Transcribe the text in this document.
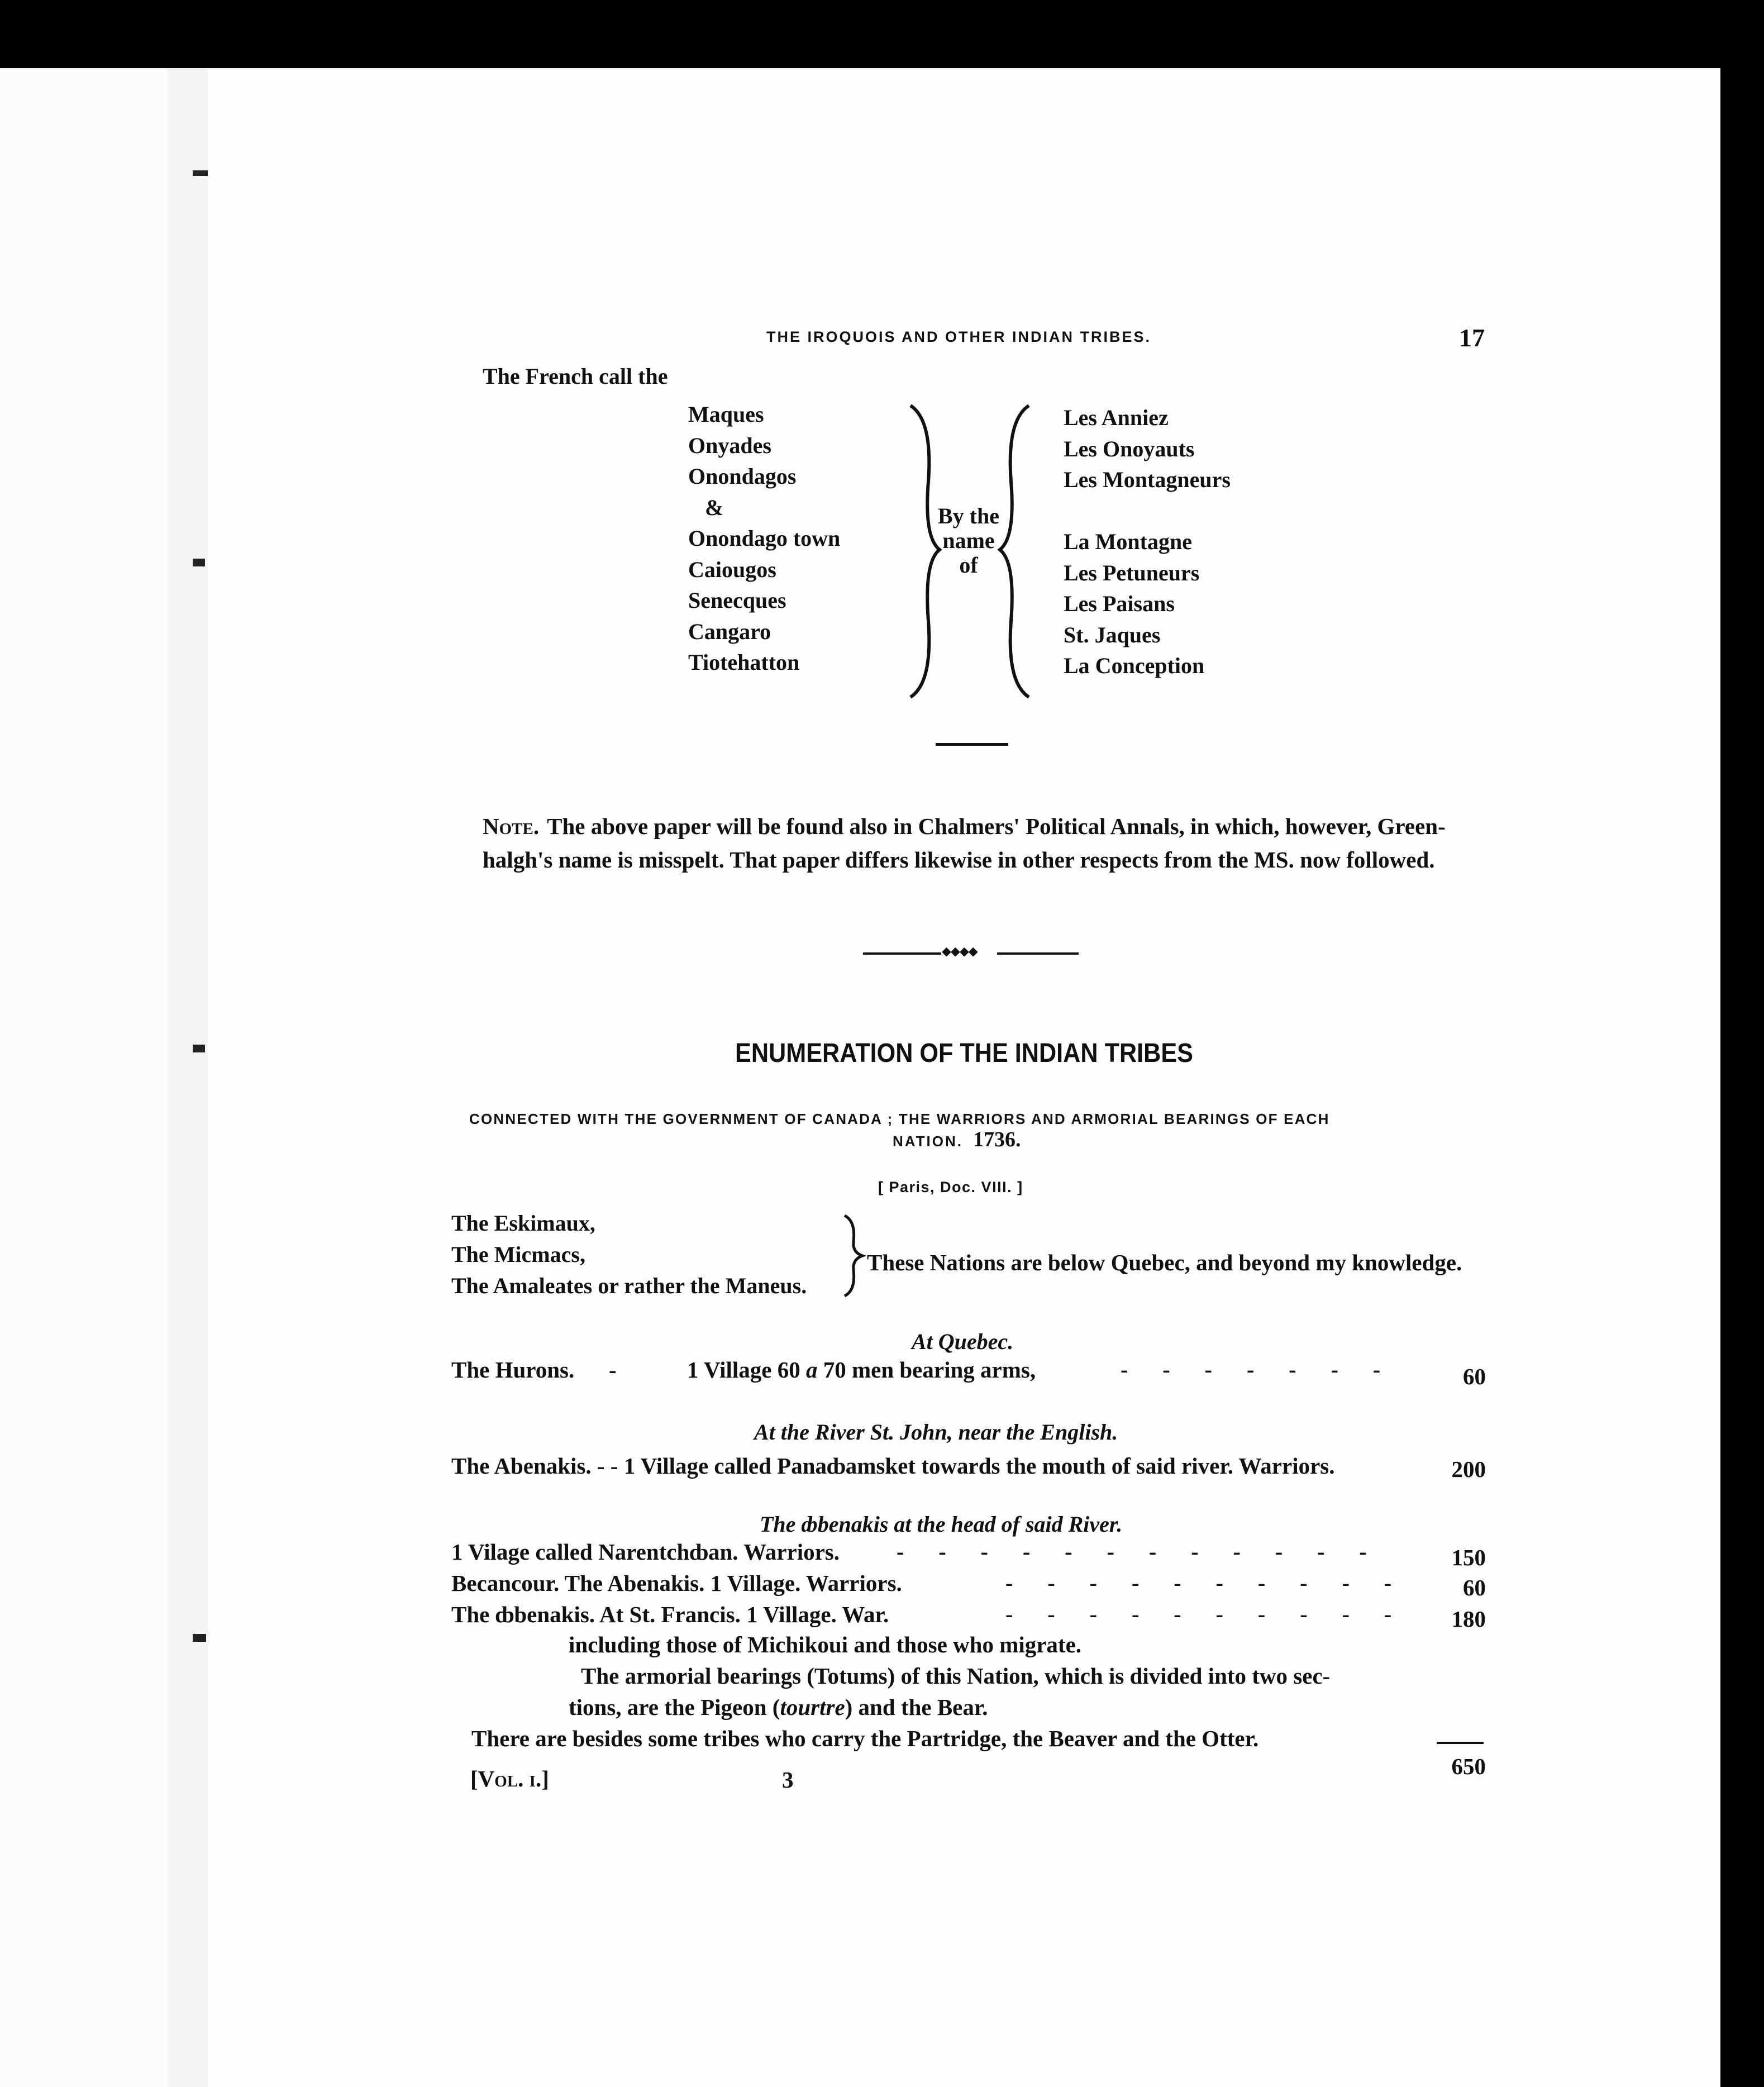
THE IROQUOIS AND OTHER INDIAN TRIBES.	17
The French call the
Maques
Onyades
Onondagos
&
Onondago town
Caiougos
Senecques
Cangaro
Tiotehatton
By the
name
of
Les Anniez
Les Onoyauts
Les Montagneurs
La Montagne
Les Petuneurs
Les Paisans
St. Jaques
La Conception
Note. The above paper will be found also in Chalmers' Political Annals, in which, however, Green-
halgh's name is misspelt. That paper differs likewise in other respects from the MS. now followed.
◆◆◆◆
ENUMERATION OF THE INDIAN TRIBES
CONNECTED WITH THE GOVERNMENT OF CANADA ; THE WARRIORS AND ARMORIAL BEARINGS OF EACH
NATION. 1736.
[ Paris, Doc. VIII. ]
The Eskimaux,
The Micmacs,
The Amaleates or rather the Maneus.
These Nations are below Quebec, and beyond my knowledge.
At Quebec.
The Hurons. -	1 Village 60 a 70 men bearing arms,	- - - - - - -	60
At the River St. John, near the English.
The Abenakis. - - 1 Village called Panaȸamsket towards the mouth of said river. Warriors.	200
The ȸbenakis at the head of said River.
1 Vilage called Narentchȸan. Warriors.	- - - - - - - - - - - -	150
Becancour. The Abenakis. 1 Village. Warriors.	- - - - - - - - - -	60
The ȸbenakis. At St. Francis. 1 Village. War.	- - - - - - - - - -	180
including those of Michikoui and those who migrate.
The armorial bearings (Totums) of this Nation, which is divided into two sec-
tions, are the Pigeon (tourtre) and the Bear.
There are besides some tribes who carry the Partridge, the Beaver and the Otter.
650
[Vol. i.]	3
